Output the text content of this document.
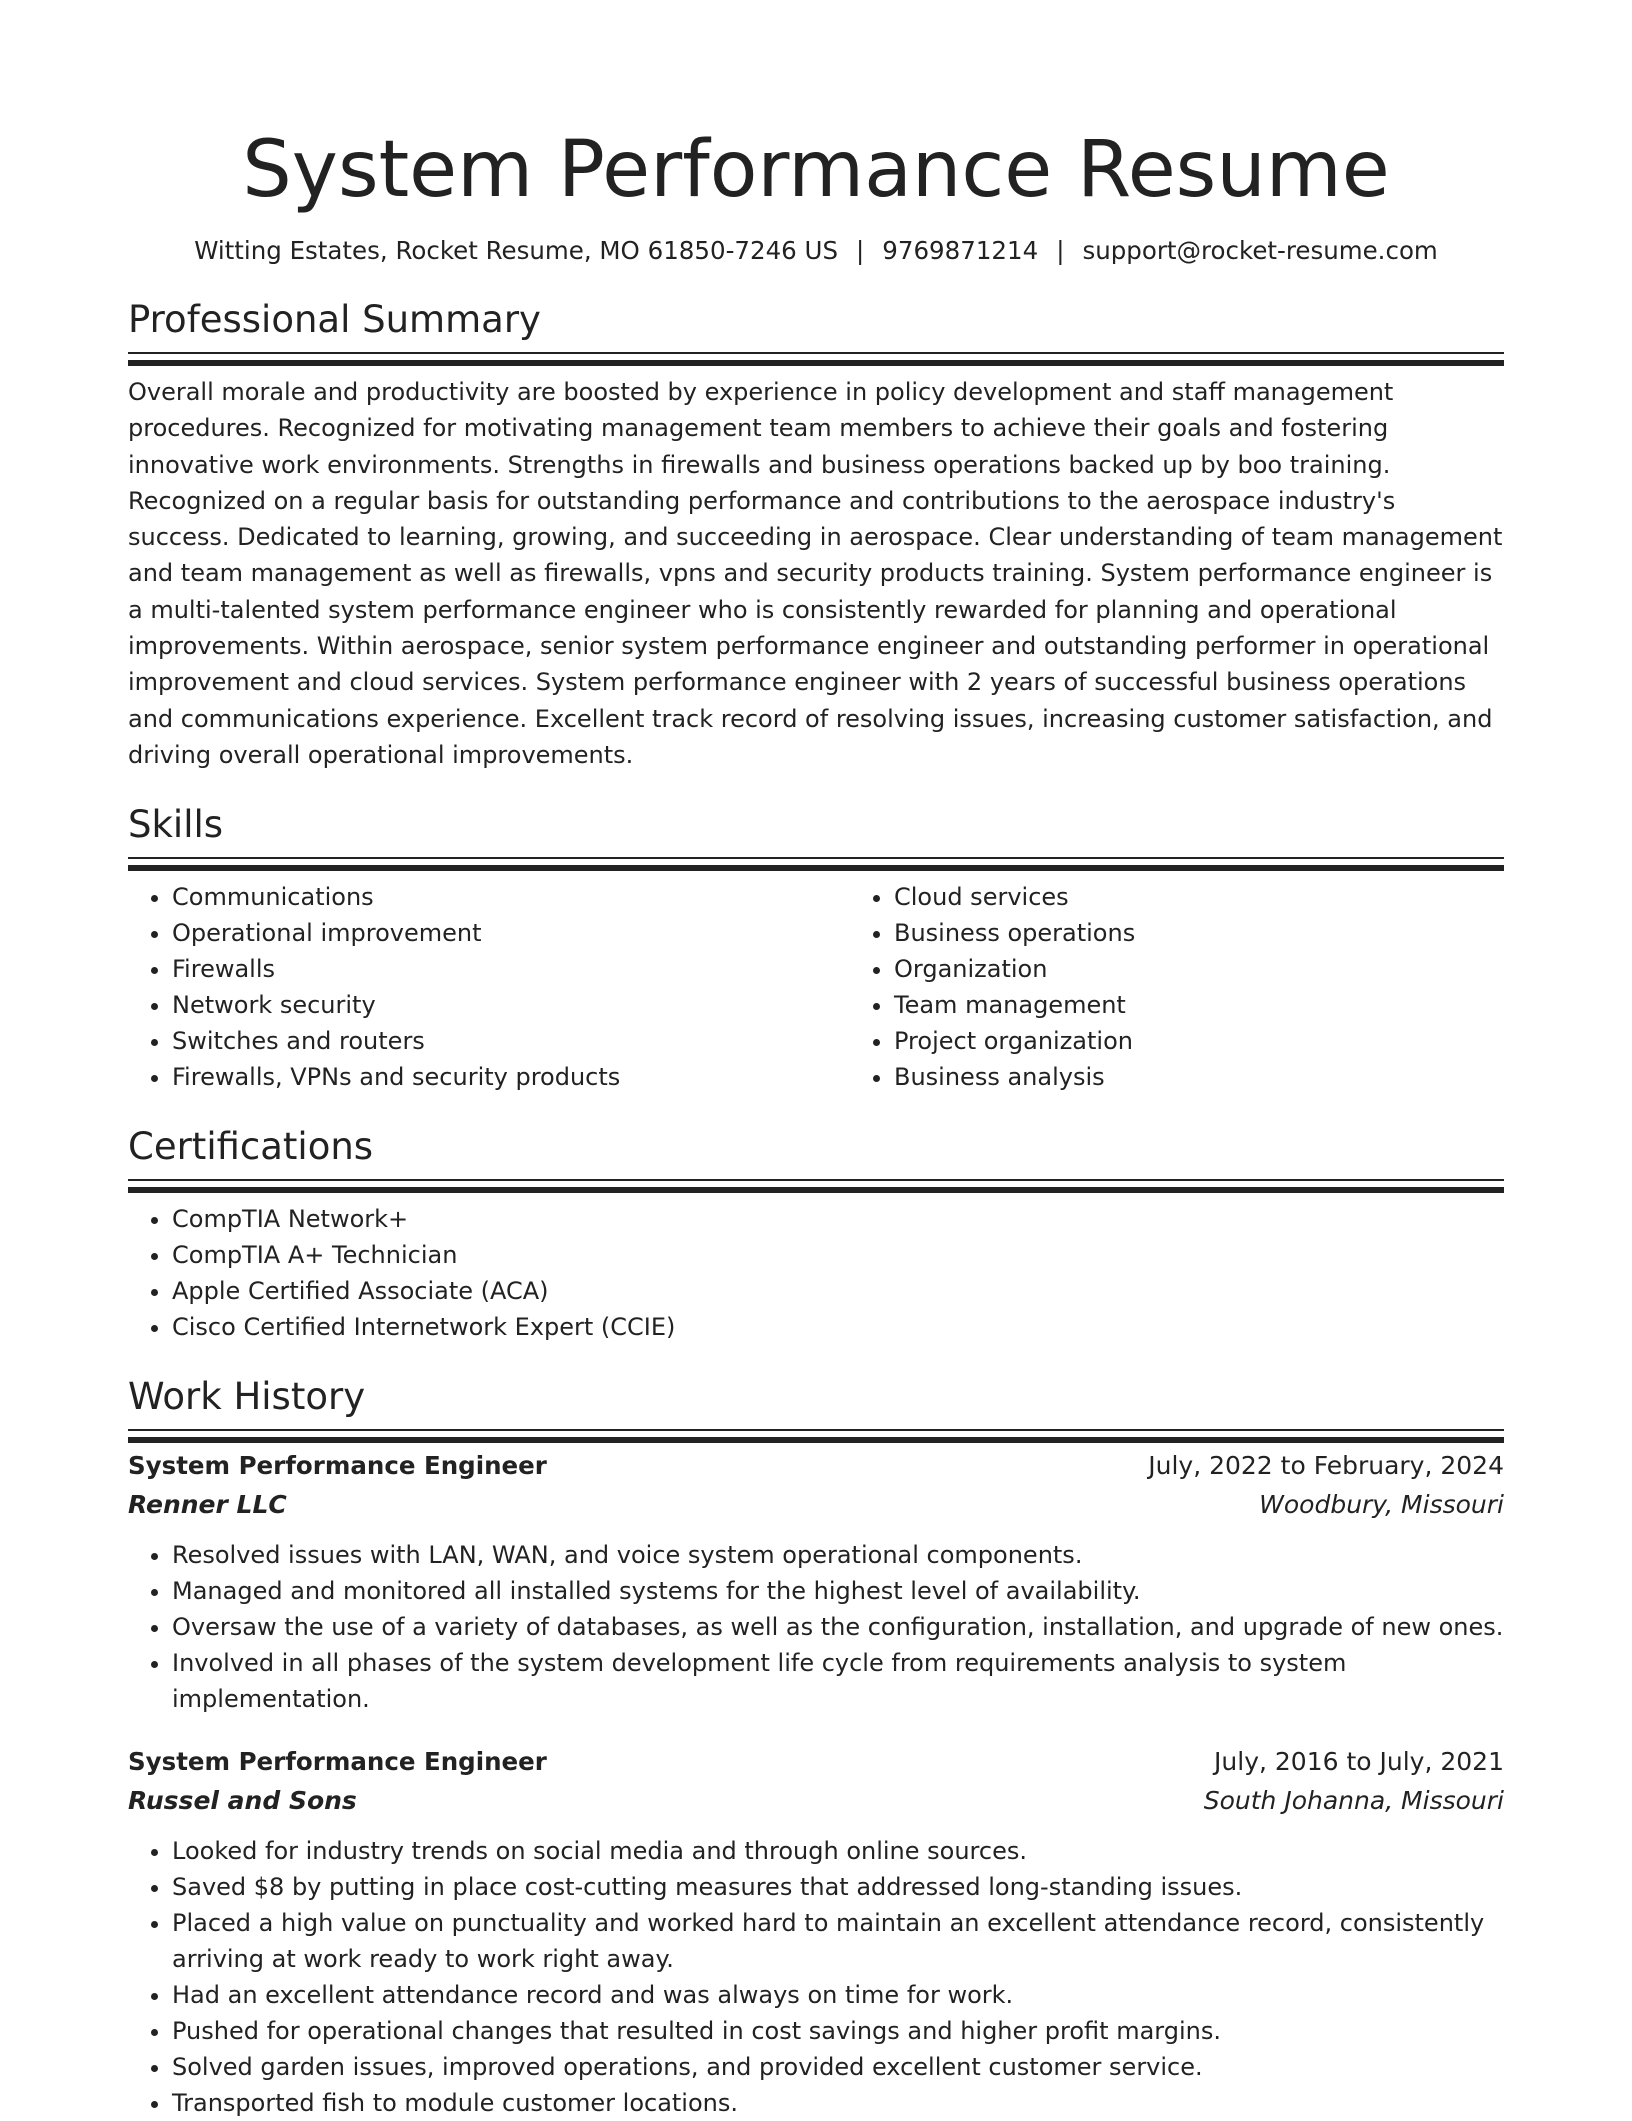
System Performance Resume
Witting Estates, Rocket Resume, MO 61850-7246 US | 9769871214 | support@rocket-resume.com
Professional Summary

Overall morale and productivity are boosted by experience in policy development and staff management procedures. Recognized for motivating management team members to achieve their goals and fostering innovative work environments. Strengths in firewalls and business operations backed up by boo training. Recognized on a regular basis for outstanding performance and contributions to the aerospace industry's success. Dedicated to learning, growing, and succeeding in aerospace. Clear understanding of team management and team management as well as firewalls, vpns and security products training. System performance engineer is a multi-talented system performance engineer who is consistently rewarded for planning and operational improvements. Within aerospace, senior system performance engineer and outstanding performer in operational improvement and cloud services. System performance engineer with 2 years of successful business operations and communications experience. Excellent track record of resolving issues, increasing customer satisfaction, and driving overall operational improvements.

Skills
• Communications
• Operational improvement
• Firewalls
• Network security
• Switches and routers
• Firewalls, VPNs and security products
• Cloud services
• Business operations
• Organization
• Team management
• Project organization
• Business analysis
Certifications
• CompTIA Network+
• CompTIA A+ Technician
• Apple Certified Associate (ACA)
• Cisco Certified Internetwork Expert (CCIE)
Work History
System Performance Engineer	July, 2022 to February, 2024
Renner LLC	Woodbury, Missouri
• Resolved issues with LAN, WAN, and voice system operational components.
• Managed and monitored all installed systems for the highest level of availability.
• Oversaw the use of a variety of databases, as well as the configuration, installation, and upgrade of new ones.
• Involved in all phases of the system development life cycle from requirements analysis to system implementation.
System Performance Engineer	July, 2016 to July, 2021
Russel and Sons	South Johanna, Missouri
• Looked for industry trends on social media and through online sources.
• Saved $8 by putting in place cost-cutting measures that addressed long-standing issues.
• Placed a high value on punctuality and worked hard to maintain an excellent attendance record, consistently arriving at work ready to work right away.
• Had an excellent attendance record and was always on time for work.
• Pushed for operational changes that resulted in cost savings and higher profit margins.
• Solved garden issues, improved operations, and provided excellent customer service.
• Transported fish to module customer locations.
